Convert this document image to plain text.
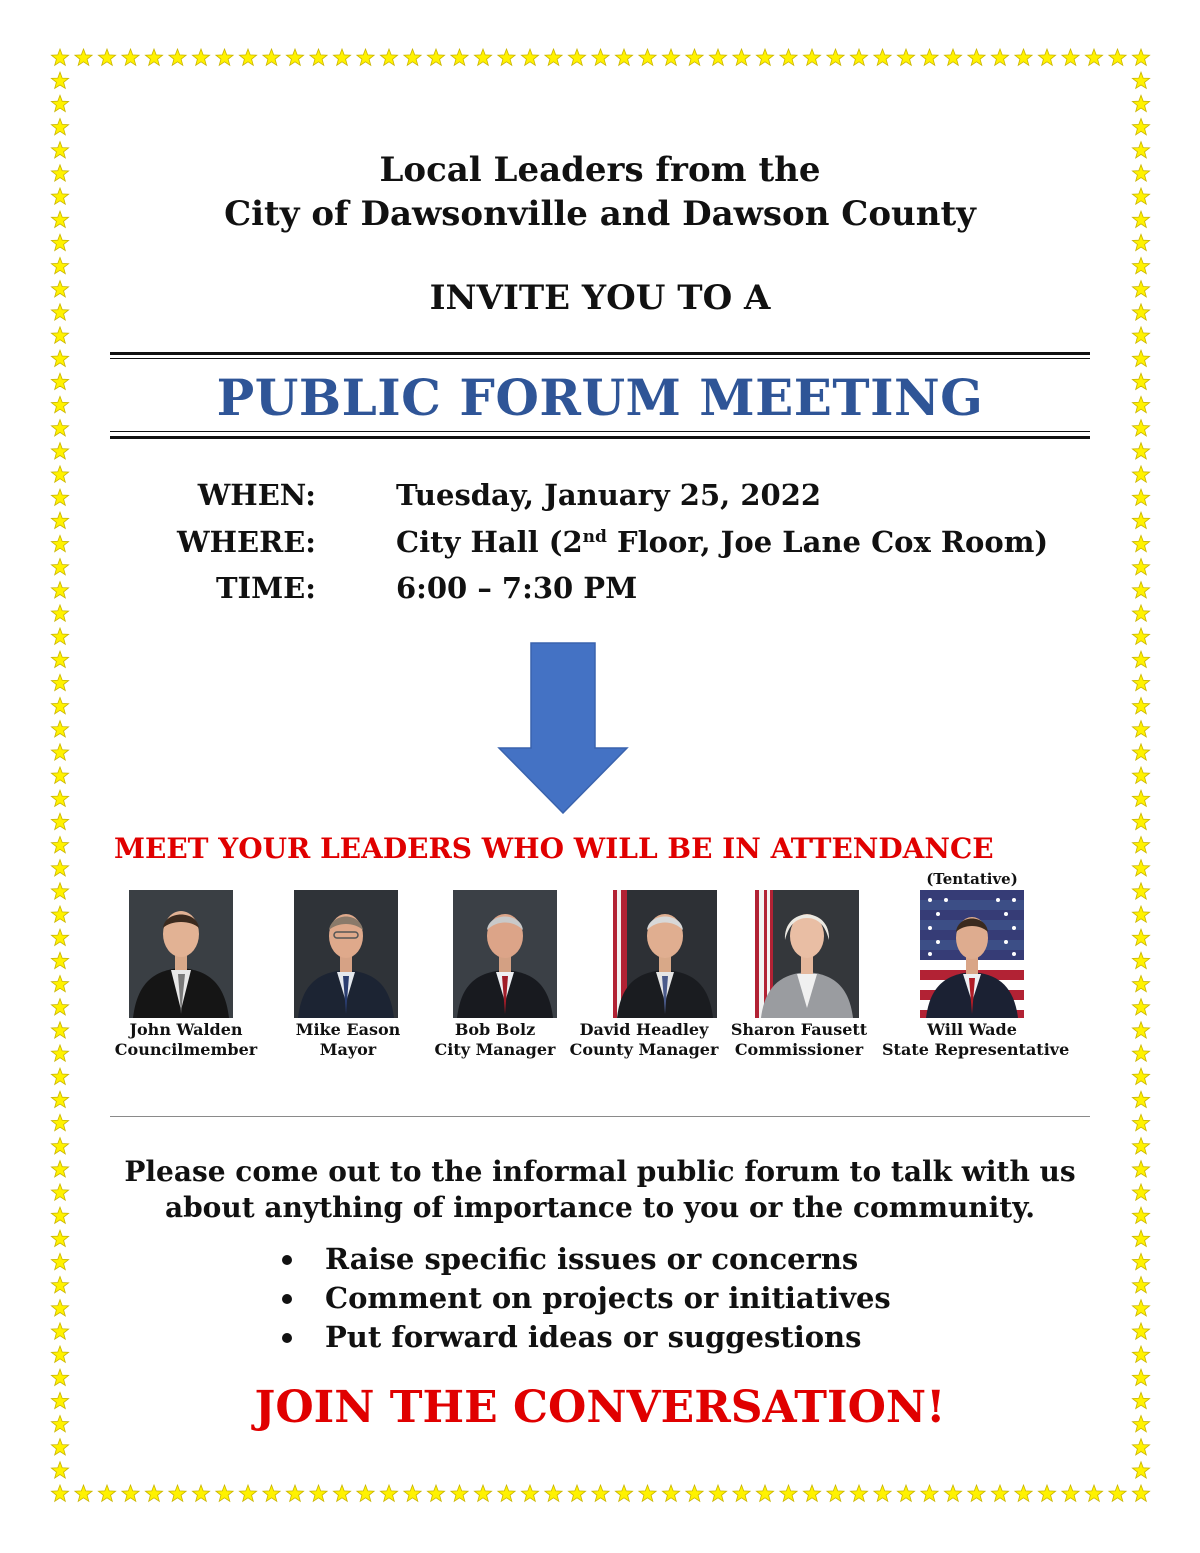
Local Leaders from the
City of Dawsonville and Dawson County
INVITE YOU TO A
PUBLIC FORUM MEETING
WHEN:	Tuesday, January 25, 2022
WHERE:	City Hall (2nd Floor, Joe Lane Cox Room)
TIME:	6:00 – 7:30 PM
MEET YOUR LEADERS WHO WILL BE IN ATTENDANCE
(Tentative)
John Walden
Councilmember
Mike Eason
Mayor
Bob Bolz
City Manager
David Headley
County Manager
Sharon Fausett
Commissioner
Will Wade
State Representative
Please come out to the informal public forum to talk with us
about anything of importance to you or the community.
Raise specific issues or concerns
Comment on projects or initiatives
Put forward ideas or suggestions
JOIN THE CONVERSATION!
